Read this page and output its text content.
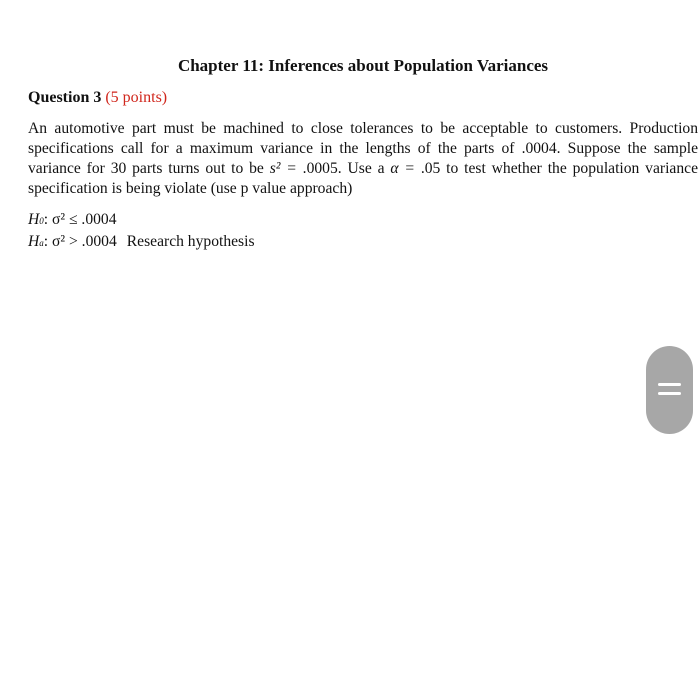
Chapter 11: Inferences about Population Variances
Question 3 (5 points)

An automotive part must be machined to close tolerances to be acceptable to customers. Production specifications call for a maximum variance in the lengths of the parts of .0004. Suppose the sample variance for 30 parts turns out to be s² = .0005. Use a α = .05 to test whether the population variance specification is being violate (use p value approach)

H0: σ² ≤ .0004
Ha: σ² > .0004 Research hypothesis
